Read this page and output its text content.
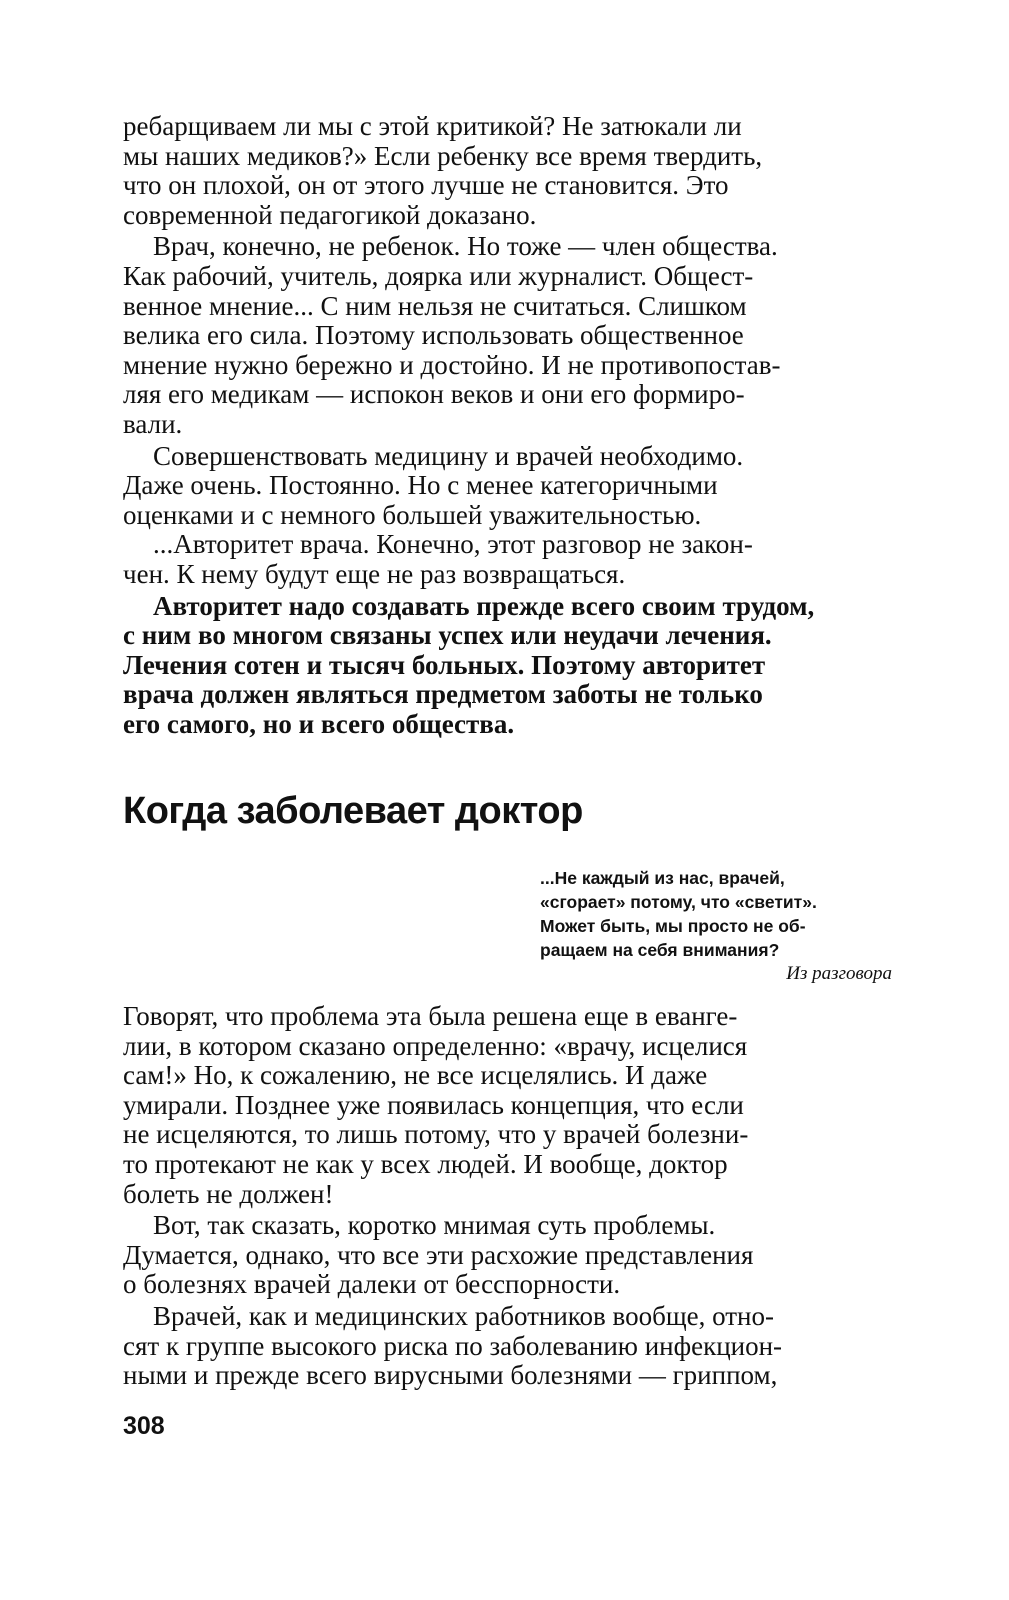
ребарщиваем ли мы с этой критикой? Не затюкали ли
мы наших медиков?» Если ребенку все время твердить,
что он плохой, он от этого лучше не становится. Это
современной педагогикой доказано.
Врач, конечно, не ребенок. Но тоже — член общества.
Как рабочий, учитель, доярка или журналист. Общест-
венное мнение... С ним нельзя не считаться. Слишком
велика его сила. Поэтому использовать общественное
мнение нужно бережно и достойно. И не противопостав-
ляя его медикам — испокон веков и они его формиро-
вали.
Совершенствовать медицину и врачей необходимо.
Даже очень. Постоянно. Но с менее категоричными
оценками и с немного большей уважительностью.
...Авторитет врача. Конечно, этот разговор не закон-
чен. К нему будут еще не раз возвращаться.
Авторитет надо создавать прежде всего своим трудом,
с ним во многом связаны успех или неудачи лечения.
Лечения сотен и тысяч больных. Поэтому авторитет
врача должен являться предметом заботы не только
его самого, но и всего общества.
Когда заболевает доктор
...Не каждый из нас, врачей,
«сгорает» потому, что «светит».
Может быть, мы просто не об-
ращаем на себя внимания?
Из разговора
Говорят, что проблема эта была решена еще в еванге-
лии, в котором сказано определенно: «врачу, исцелися
сам!» Но, к сожалению, не все исцелялись. И даже
умирали. Позднее уже появилась концепция, что если
не исцеляются, то лишь потому, что у врачей болезни-
то протекают не как у всех людей. И вообще, доктор
болеть не должен!
Вот, так сказать, коротко мнимая суть проблемы.
Думается, однако, что все эти расхожие представления
о болезнях врачей далеки от бесспорности.
Врачей, как и медицинских работников вообще, отно-
сят к группе высокого риска по заболеванию инфекцион-
ными и прежде всего вирусными болезнями — гриппом,
308
